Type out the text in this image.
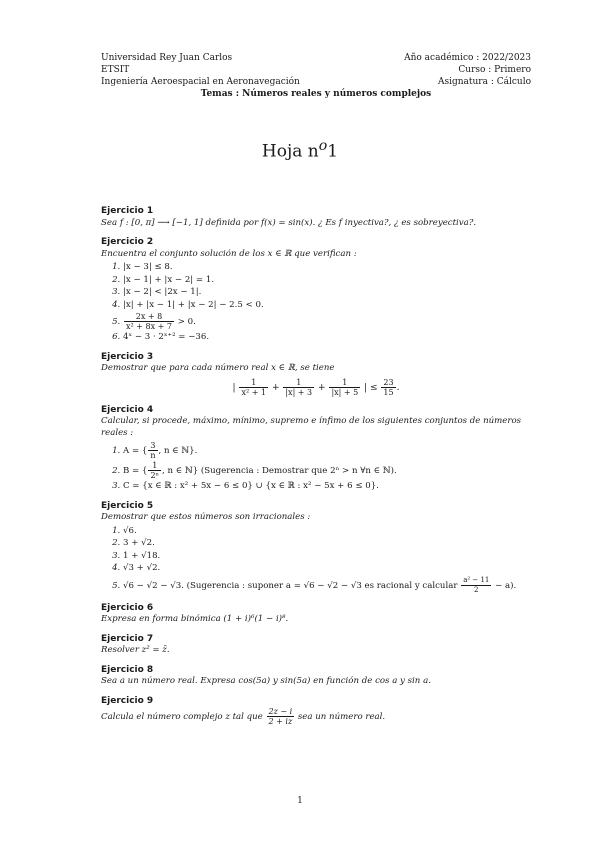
Universidad Rey Juan Carlos	Año académico : 2022/2023
ETSIT	Curso : Primero
Ingeniería Aeroespacial en Aeronavegación	Asignatura : Cálculo
Temas : Números reales y números complejos
Hoja $n^o1$
Ejercicio 1
Sea f : [0, π] ⟶ [−1, 1] definida por f(x) = sin(x). ¿ Es f inyectiva?, ¿ es sobreyectiva?.
Ejercicio 2
Encuentra el conjunto solución de los x ∈ ℝ que verifican :
1. |x − 3| ≤ 8.
2. |x − 1| + |x − 2| = 1.
3. |x − 2| < |2x − 1|.
4. |x| + |x − 1| + |x − 2| − 2.5 < 0.
5. $\frac{2x + 8}{\text{x² + 8x + 7}} > 0$.
6. 4ˣ − 3 · 2ˣ⁺² = −36.
Ejercicio 3
Demostrar que para cada número real x ∈ ℝ, se tiene
| $\frac{1}{\text{x² + 1}} + \frac{1}{|x| + 3} + \frac{1}{|x| + 5}$ | ≤ $\frac{23}{15}$ .
Ejercicio 4
Calcular, si procede, máximo, mínimo, supremo e ínfimo de los siguientes conjuntos de números reales :
1. A = { $\frac{3}{n}$ , n ∈ ℕ}.
2. B = { $\frac{1}{\text{2ⁿ}}$ , n ∈ ℕ} (Sugerencia : Demostrar que 2ⁿ > n ∀n ∈ ℕ).
3. C = {x ∈ ℝ : x² + 5x − 6 ≤ 0} ∪ {x ∈ ℝ : x² − 5x + 6 ≤ 0}.
Ejercicio 5
Demostrar que estos números son irracionales :
1. √6.
2. 3 + √2.
3. 1 + √18.
4. √3 + √2.
5. √6 − √2 − √3. (Sugerencia : suponer a = √6 − √2 − √3 es racional y calcular $\frac{\text{a² − 11}}{2} - a$).
Ejercicio 6
Expresa en forma binómica (1 + i)⁶(1 − i)⁸.
Ejercicio 7
Resolver z² = z̄.
Ejercicio 8
Sea a un número real. Expresa cos(5a) y sin(5a) en función de cos a y sin a.
Ejercicio 9
Calcula el número complejo z tal que $\frac{2z - i}{2 + iz}$ sea un número real.
1
